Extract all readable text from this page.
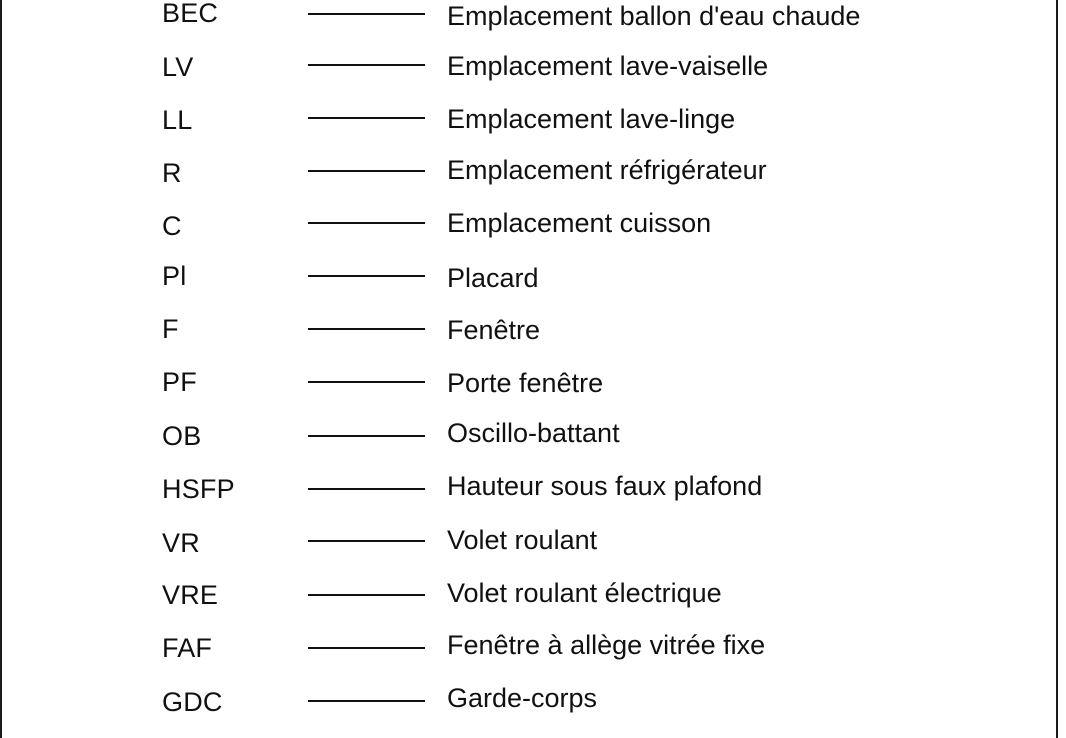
BEC	Emplacement ballon d'eau chaude
LV	Emplacement lave-vaiselle
LL	Emplacement lave-linge
R	Emplacement réfrigérateur
C	Emplacement cuisson
Pl	Placard
F	Fenêtre
PF	Porte fenêtre
OB	Oscillo-battant
HSFP	Hauteur sous faux plafond
VR	Volet roulant
VRE	Volet roulant électrique
FAF	Fenêtre à allège vitrée fixe
GDC	Garde-corps
